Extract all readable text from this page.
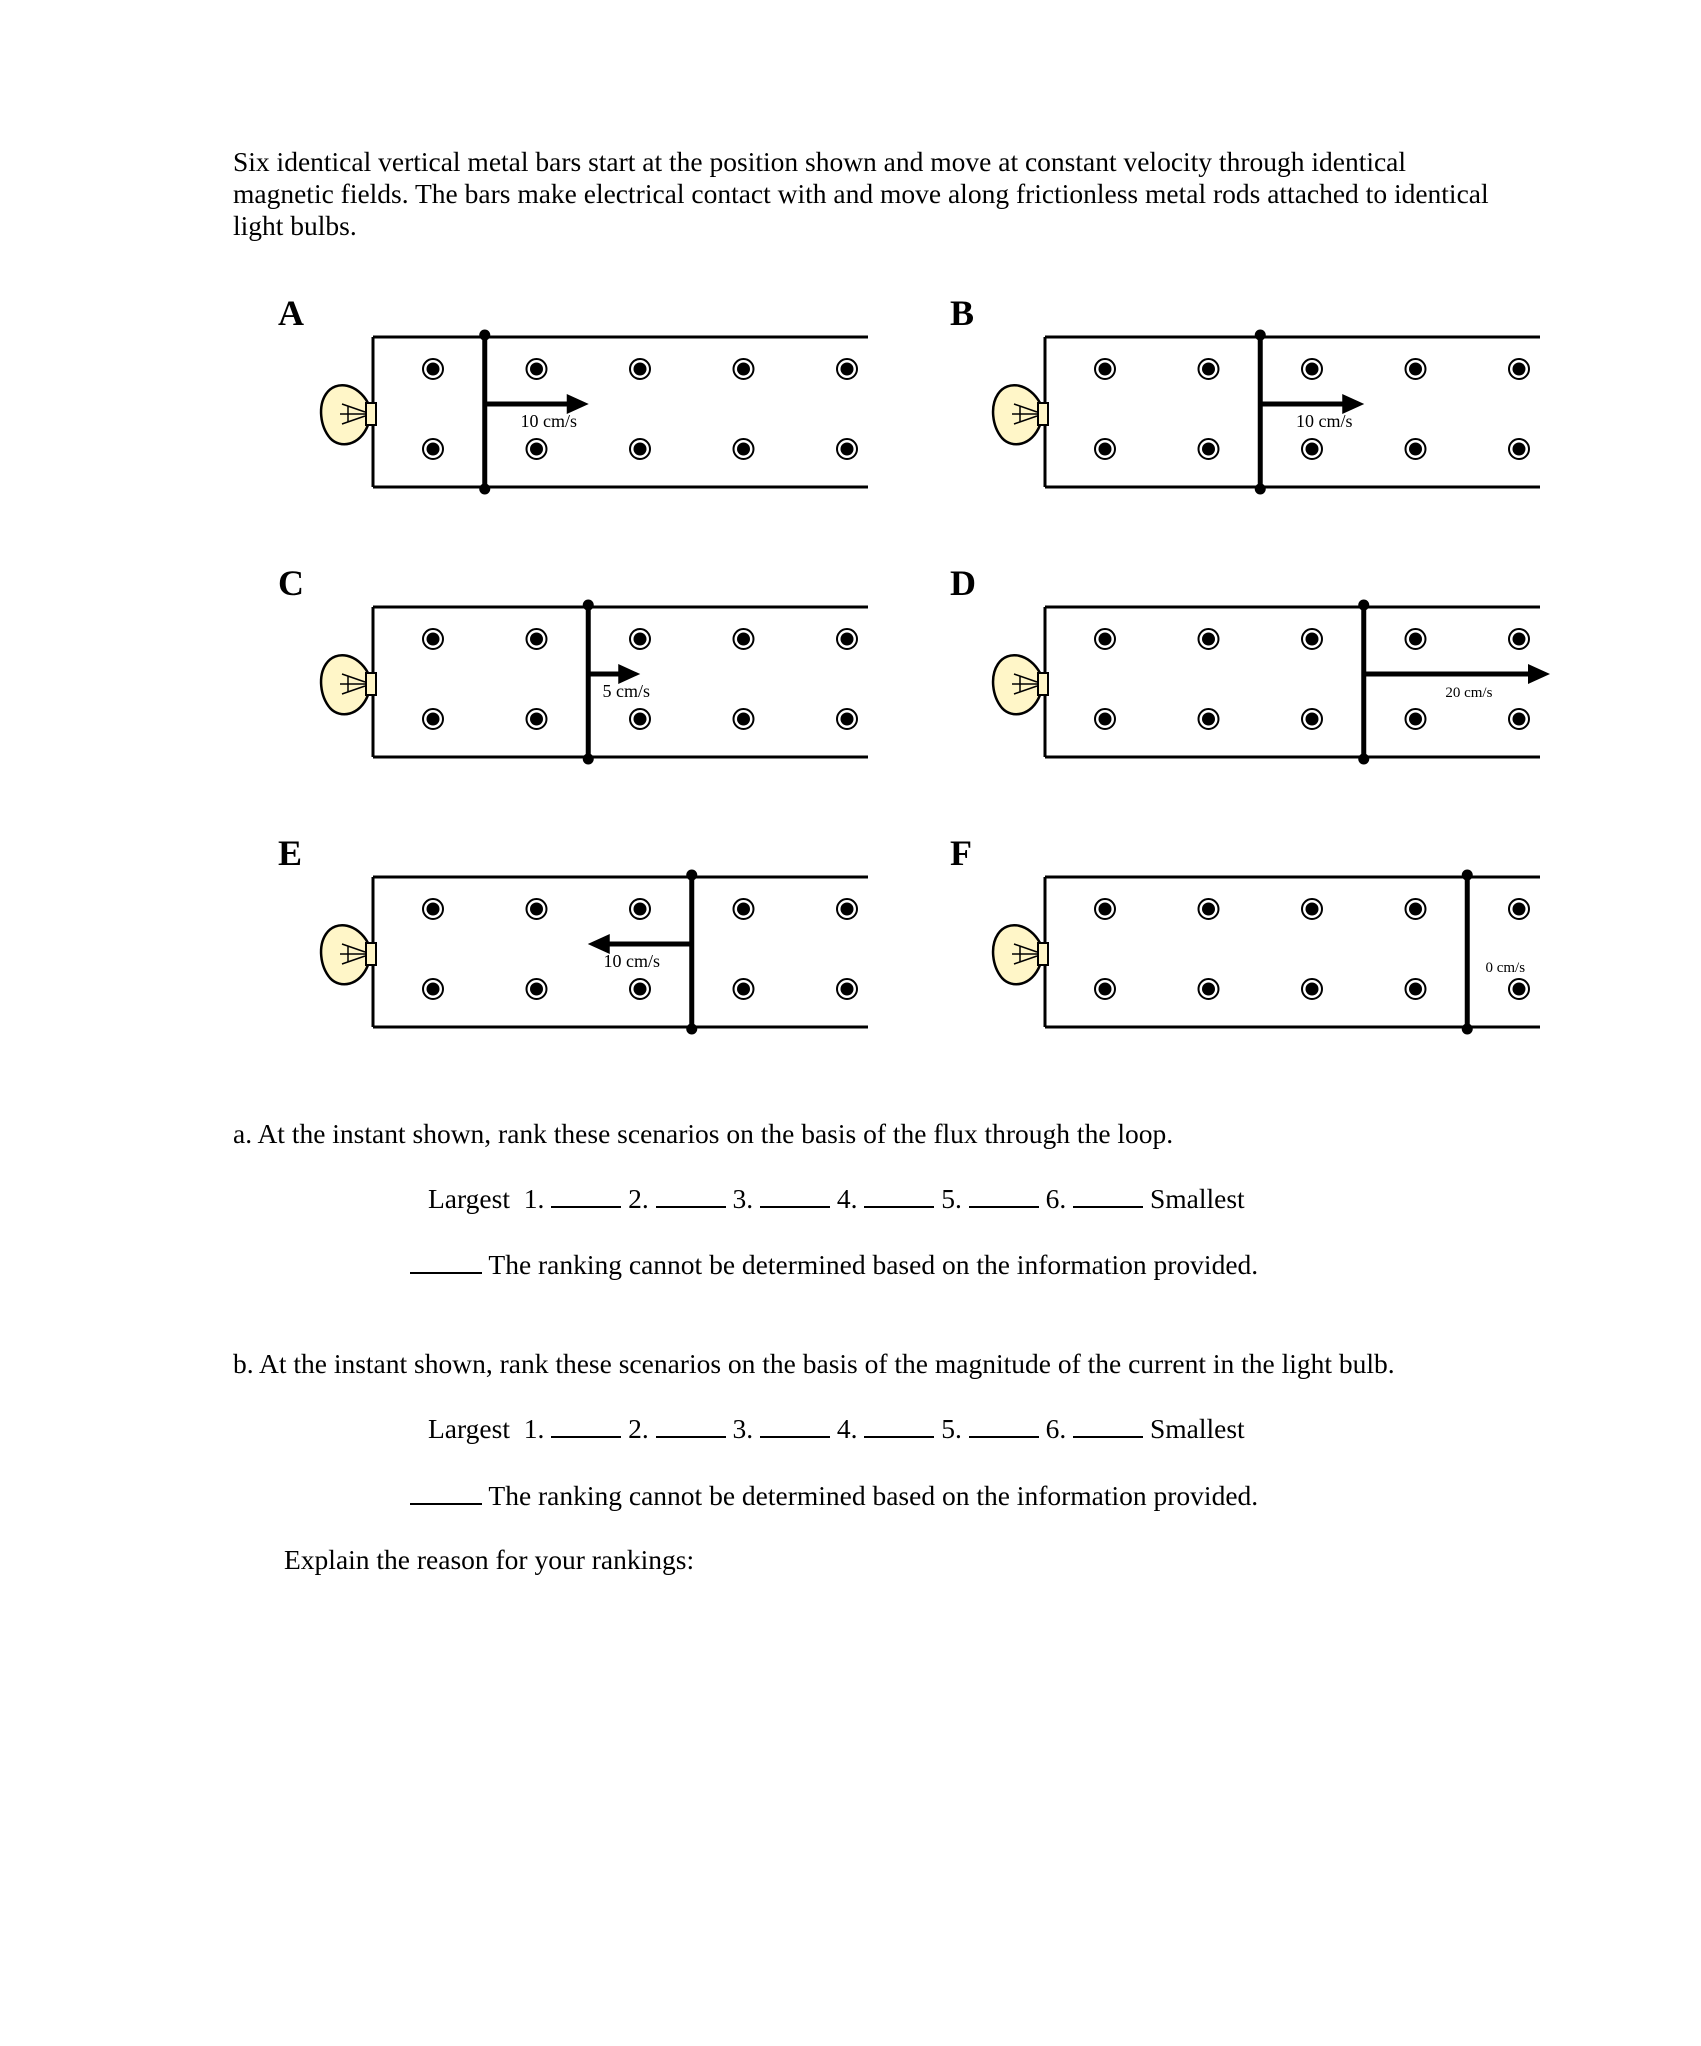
Six identical vertical metal bars start at the position shown and move at constant velocity through identical magnetic fields. The bars make electrical contact with and move along frictionless metal rods attached to identical light bulbs.

10 cm/s
A
10 cm/s
B
5 cm/s
C
20 cm/s
D
10 cm/s
E
0 cm/s
F

a. At the instant shown, rank these scenarios on the basis of the flux through the loop.

Largest 1.	2.	3.	4.	5.	6.	Smallest
The ranking cannot be determined based on the information provided.

b. At the instant shown, rank these scenarios on the basis of the magnitude of the current in the light bulb.

Largest 1.	2.	3.	4.	5.	6.	Smallest
The ranking cannot be determined based on the information provided.

Explain the reason for your rankings:
